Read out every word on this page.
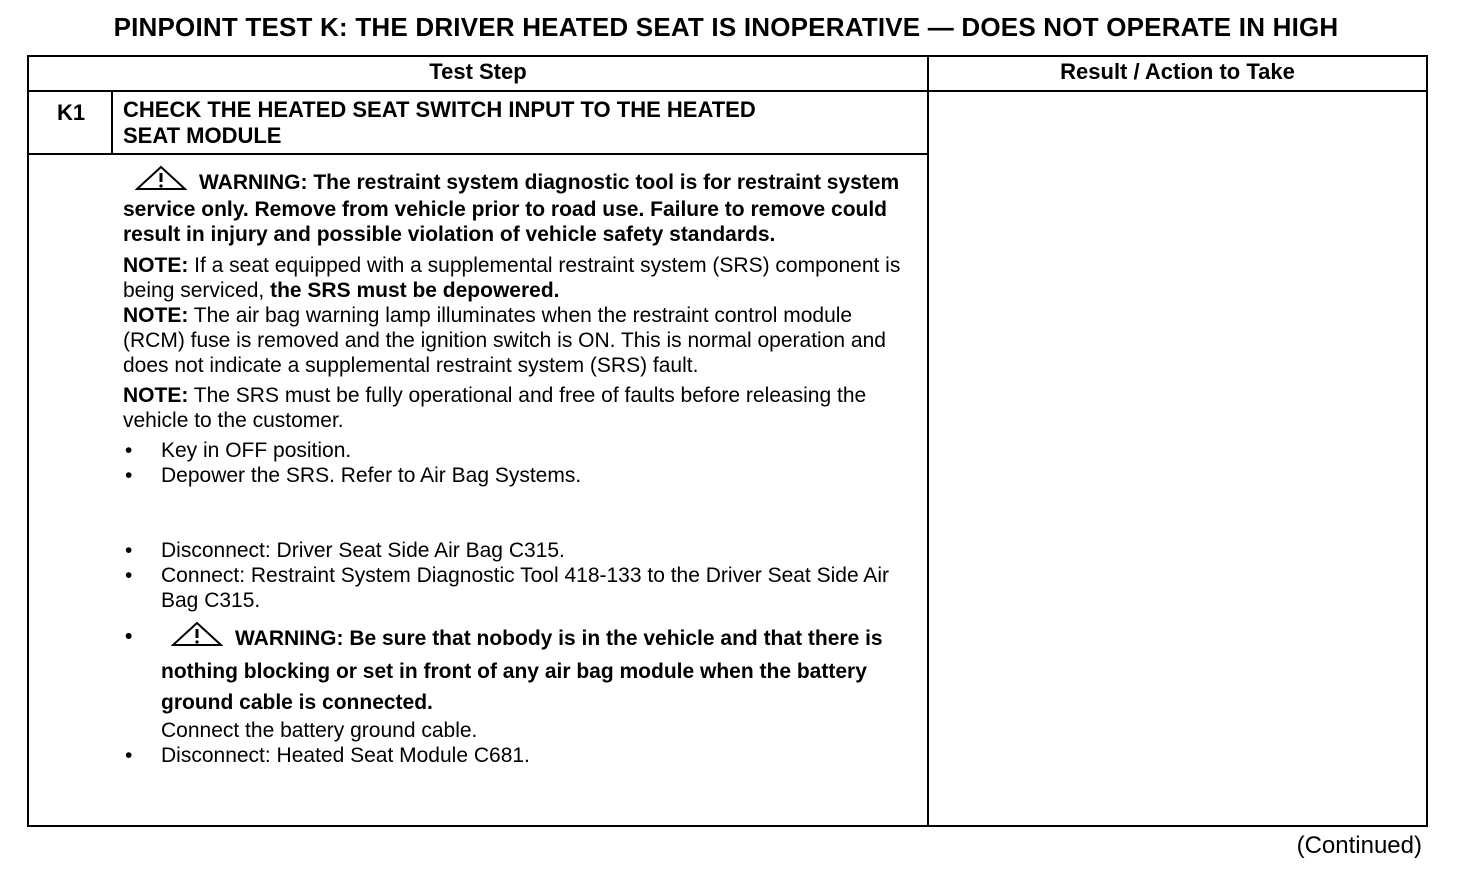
PINPOINT TEST K: THE DRIVER HEATED SEAT IS INOPERATIVE — DOES NOT OPERATE IN HIGH
Test Step	Result / Action to Take
K1	CHECK THE HEATED SEAT SWITCH INPUT TO THE HEATED
SEAT MODULE
WARNING: The restraint system diagnostic tool is for restraint system service only. Remove from vehicle prior to road use. Failure to remove could result in injury and possible violation of vehicle safety standards.
NOTE: If a seat equipped with a supplemental restraint system (SRS) component is being serviced, the SRS must be depowered.
NOTE: The air bag warning lamp illuminates when the restraint control module (RCM) fuse is removed and the ignition switch is ON. This is normal operation and does not indicate a supplemental restraint system (SRS) fault.
NOTE: The SRS must be fully operational and free of faults before releasing the vehicle to the customer.
• Key in OFF position.
• Depower the SRS. Refer to Air Bag Systems.
• Disconnect: Driver Seat Side Air Bag C315.
• Connect: Restraint System Diagnostic Tool 418-133 to the Driver Seat Side Air Bag C315.
•	WARNING: Be sure that nobody is in the vehicle and that there is nothing blocking or set in front of any air bag module when the battery ground cable is connected.
Connect the battery ground cable.
• Disconnect: Heated Seat Module C681.
(Continued)
